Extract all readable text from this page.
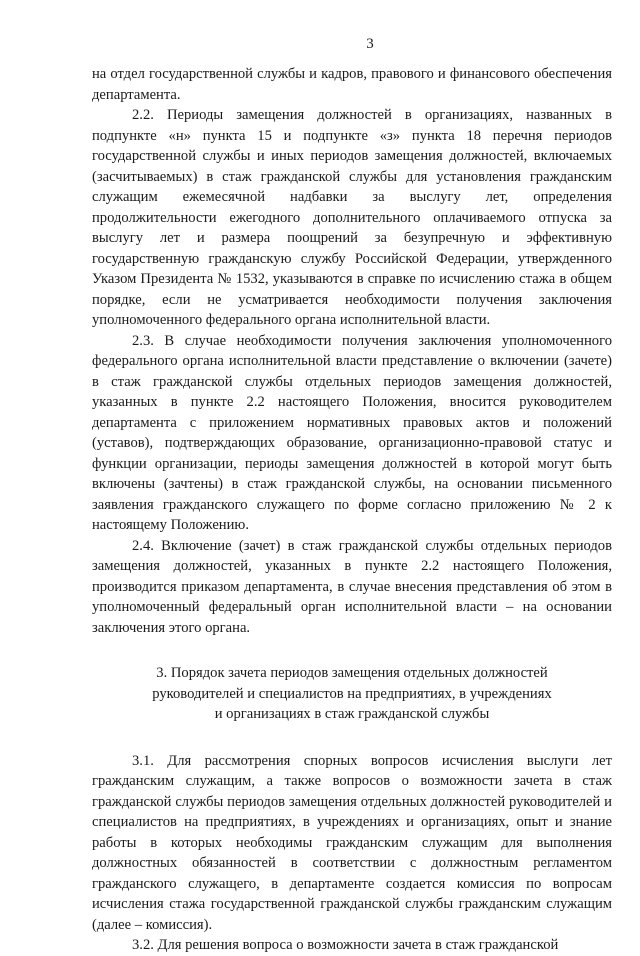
3

на отдел государственной службы и кадров, правового и финансового обеспечения департамента.

2.2. Периоды замещения должностей в организациях, названных в подпункте «н» пункта 15 и подпункте «з» пункта 18 перечня периодов государственной службы и иных периодов замещения должностей, включаемых (засчитываемых) в стаж гражданской службы для установления гражданским служащим ежемесячной надбавки за выслугу лет, определения продолжительности ежегодного дополнительного оплачиваемого отпуска за выслугу лет и размера поощрений за безупречную и эффективную государственную гражданскую службу Российской Федерации, утвержденного Указом Президента № 1532, указываются в справке по исчислению стажа в общем порядке, если не усматривается необходимости получения заключения уполномоченного федерального органа исполнительной власти.

2.3. В случае необходимости получения заключения уполномоченного федерального органа исполнительной власти представление о включении (зачете) в стаж гражданской службы отдельных периодов замещения должностей, указанных в пункте 2.2 настоящего Положения, вносится руководителем департамента с приложением нормативных правовых актов и положений (уставов), подтверждающих образование, организационно-правовой статус и функции организации, периоды замещения должностей в которой могут быть включены (зачтены) в стаж гражданской службы, на основании письменного заявления гражданского служащего по форме согласно приложению № 2 к настоящему Положению.

2.4. Включение (зачет) в стаж гражданской службы отдельных периодов замещения должностей, указанных в пункте 2.2 настоящего Положения, производится приказом департамента, в случае внесения представления об этом в уполномоченный федеральный орган исполнительной власти – на основании заключения этого органа.

3. Порядок зачета периодов замещения отдельных должностей
руководителей и специалистов на предприятиях, в учреждениях
и организациях в стаж гражданской службы

3.1. Для рассмотрения спорных вопросов исчисления выслуги лет гражданским служащим, а также вопросов о возможности зачета в стаж гражданской службы периодов замещения отдельных должностей руководителей и специалистов на предприятиях, в учреждениях и организациях, опыт и знание работы в которых необходимы гражданским служащим для выполнения должностных обязанностей в соответствии с должностным регламентом гражданского служащего, в департаменте создается комиссия по вопросам исчисления стажа государственной гражданской службы гражданским служащим (далее – комиссия).

3.2. Для решения вопроса о возможности зачета в стаж гражданской
